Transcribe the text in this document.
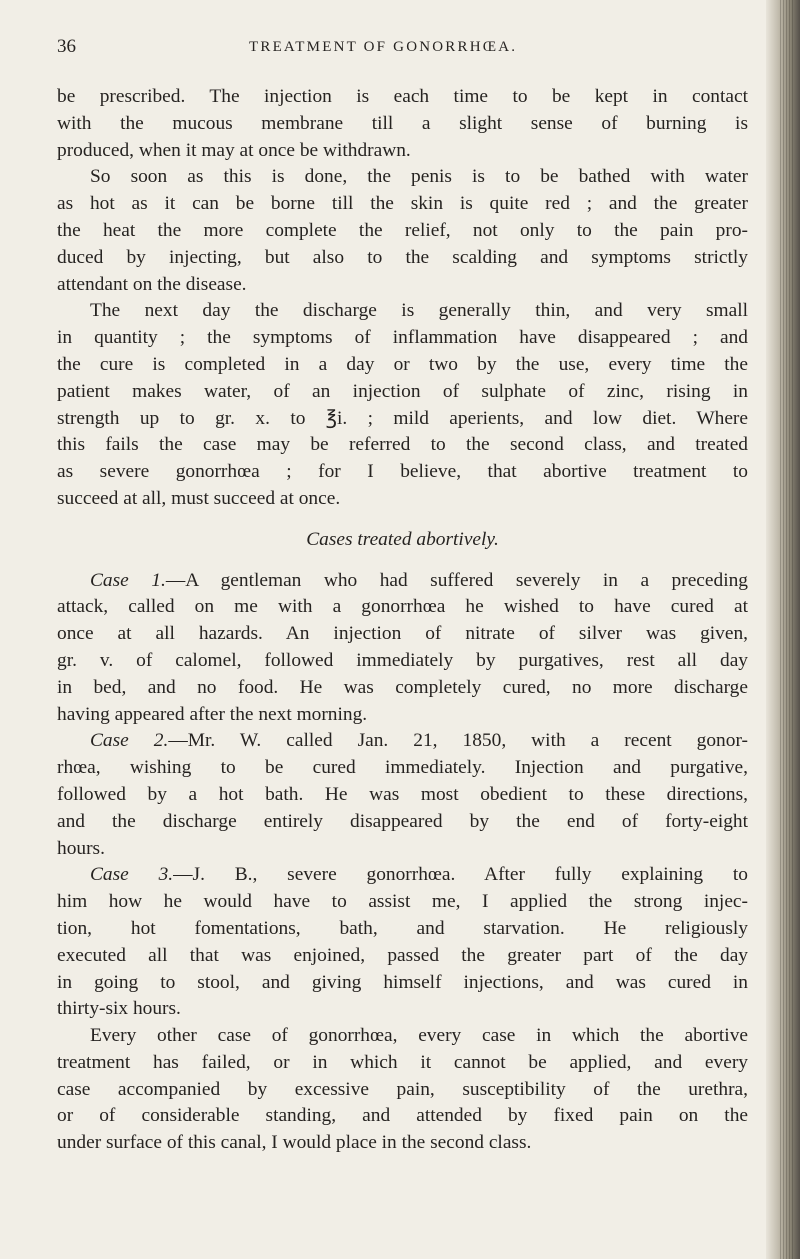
36	TREATMENT OF GONORRHŒA.
be prescribed. The injection is each time to be kept in contact
with the mucous membrane till a slight sense of burning is
produced, when it may at once be withdrawn.
So soon as this is done, the penis is to be bathed with water
as hot as it can be borne till the skin is quite red ; and the greater
the heat the more complete the relief, not only to the pain pro-
duced by injecting, but also to the scalding and symptoms strictly
attendant on the disease.
The next day the discharge is generally thin, and very small
in quantity ; the symptoms of inflammation have disappeared ; and
the cure is completed in a day or two by the use, every time the
patient makes water, of an injection of sulphate of zinc, rising in
strength up to gr. x. to ℥i. ; mild aperients, and low diet. Where
this fails the case may be referred to the second class, and treated
as severe gonorrhœa ; for I believe, that abortive treatment to
succeed at all, must succeed at once.
Cases treated abortively.
Case 1.—A gentleman who had suffered severely in a preceding
attack, called on me with a gonorrhœa he wished to have cured at
once at all hazards. An injection of nitrate of silver was given,
gr. v. of calomel, followed immediately by purgatives, rest all day
in bed, and no food. He was completely cured, no more discharge
having appeared after the next morning.
Case 2.—Mr. W. called Jan. 21, 1850, with a recent gonor-
rhœa, wishing to be cured immediately. Injection and purgative,
followed by a hot bath. He was most obedient to these directions,
and the discharge entirely disappeared by the end of forty-eight
hours.
Case 3.—J. B., severe gonorrhœa. After fully explaining to
him how he would have to assist me, I applied the strong injec-
tion, hot fomentations, bath, and starvation. He religiously
executed all that was enjoined, passed the greater part of the day
in going to stool, and giving himself injections, and was cured in
thirty-six hours.
Every other case of gonorrhœa, every case in which the abortive
treatment has failed, or in which it cannot be applied, and every
case accompanied by excessive pain, susceptibility of the urethra,
or of considerable standing, and attended by fixed pain on the
under surface of this canal, I would place in the second class.
